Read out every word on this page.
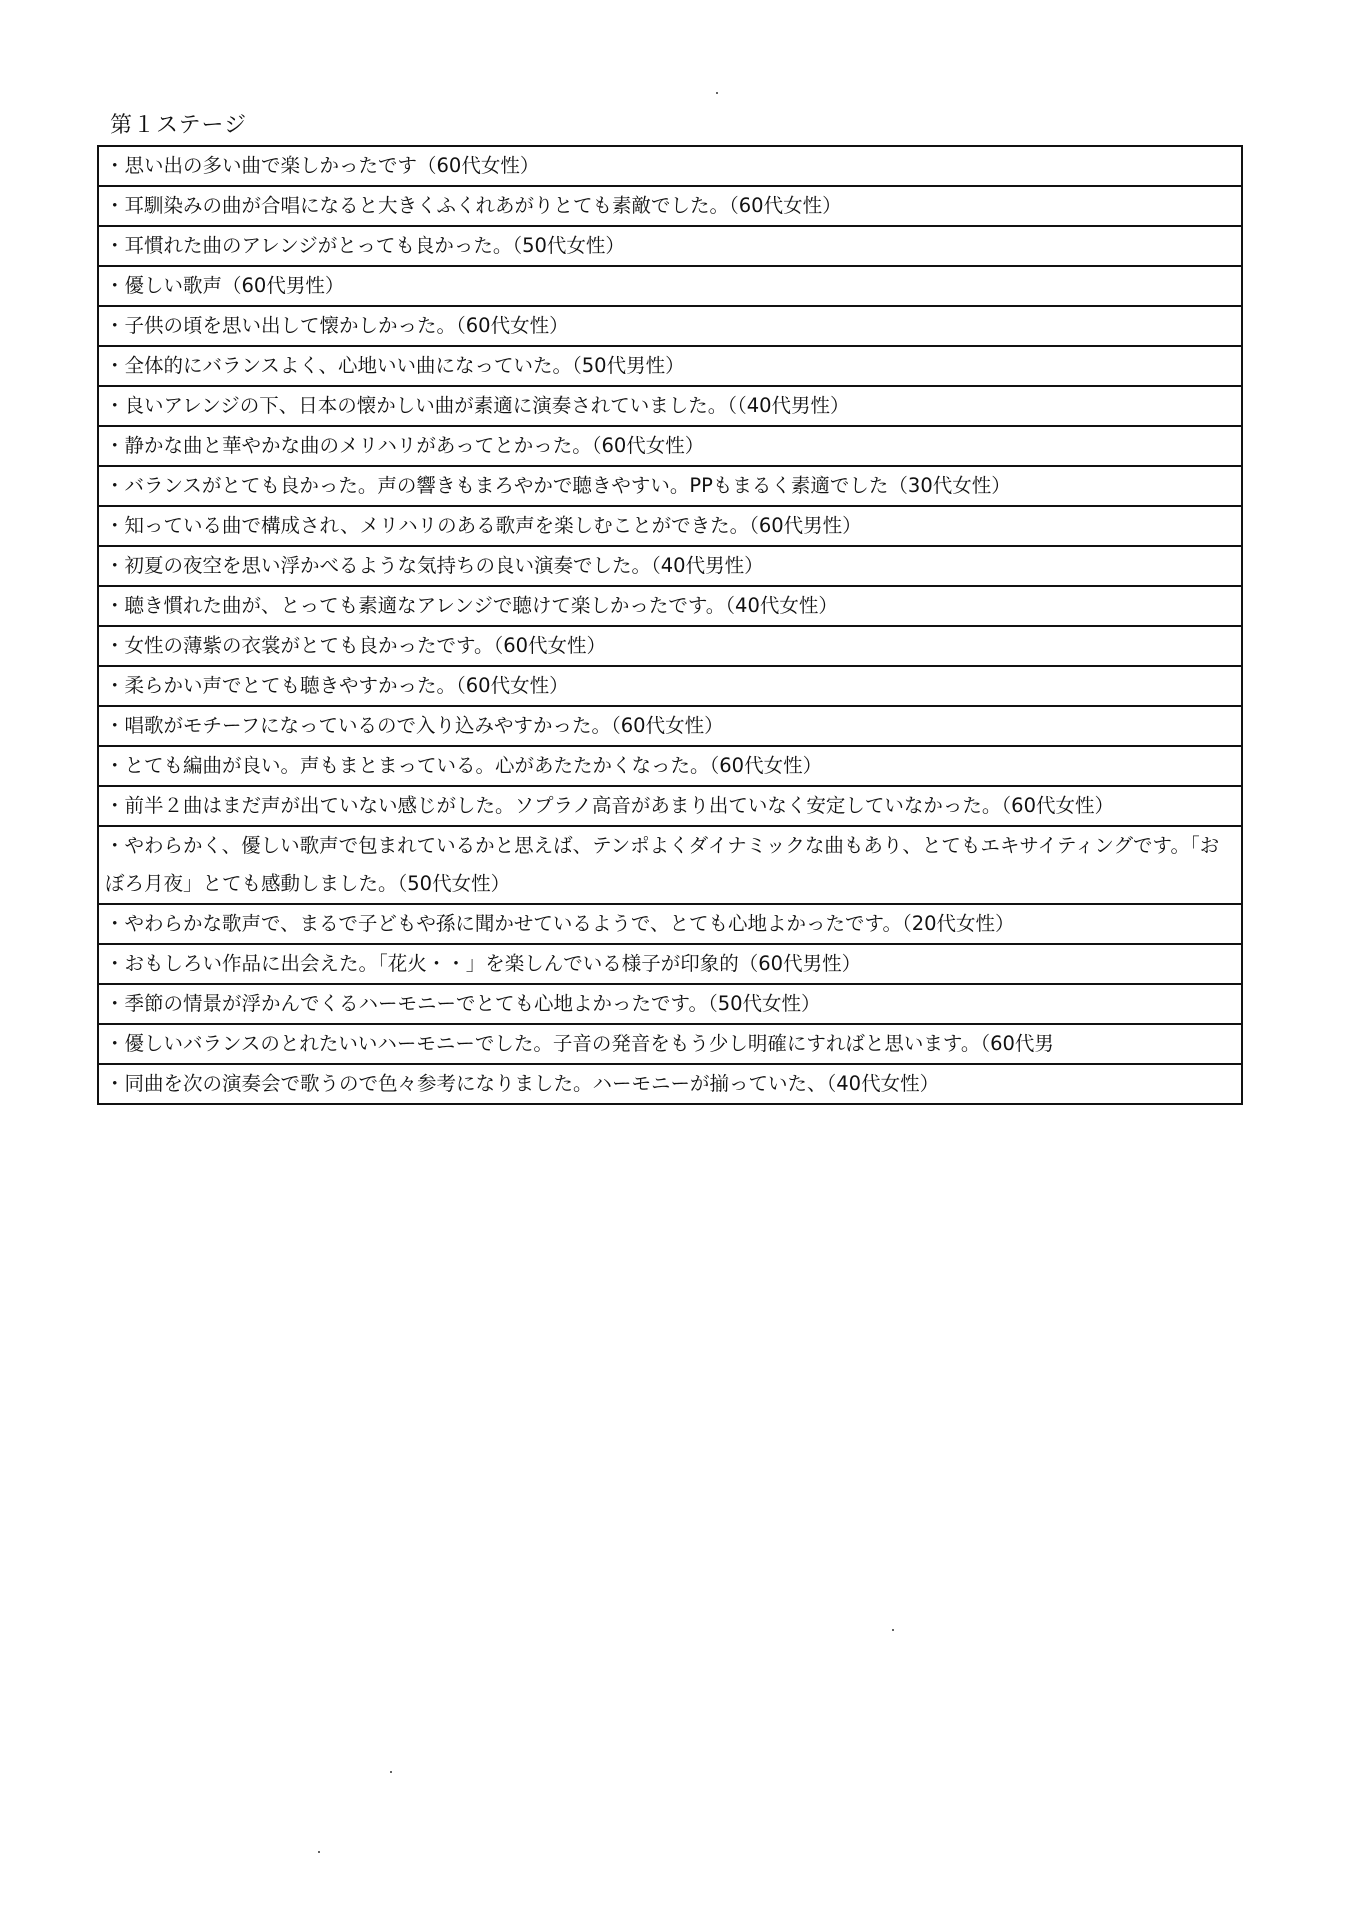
第１ステージ
・思い出の多い曲で楽しかったです（60代女性）
・耳馴染みの曲が合唱になると大きくふくれあがりとても素敵でした。（60代女性）
・耳慣れた曲のアレンジがとっても良かった。（50代女性）
・優しい歌声（60代男性）
・子供の頃を思い出して懐かしかった。（60代女性）
・全体的にバランスよく、心地いい曲になっていた。（50代男性）
・良いアレンジの下、日本の懐かしい曲が素適に演奏されていました。（（40代男性）
・静かな曲と華やかな曲のメリハリがあってとかった。（60代女性）
・バランスがとても良かった。声の響きもまろやかで聴きやすい。PPもまるく素適でした（30代女性）
・知っている曲で構成され、メリハリのある歌声を楽しむことができた。（60代男性）
・初夏の夜空を思い浮かべるような気持ちの良い演奏でした。（40代男性）
・聴き慣れた曲が、とっても素適なアレンジで聴けて楽しかったです。（40代女性）
・女性の薄紫の衣裳がとても良かったです。（60代女性）
・柔らかい声でとても聴きやすかった。（60代女性）
・唱歌がモチーフになっているので入り込みやすかった。（60代女性）
・とても編曲が良い。声もまとまっている。心があたたかくなった。（60代女性）
・前半２曲はまだ声が出ていない感じがした。ソプラノ高音があまり出ていなく安定していなかった。（60代女性）
・やわらかく、優しい歌声で包まれているかと思えば、テンポよくダイナミックな曲もあり、とてもエキサイティングです。「おぼろ月夜」とても感動しました。（50代女性）
・やわらかな歌声で、まるで子どもや孫に聞かせているようで、とても心地よかったです。（20代女性）
・おもしろい作品に出会えた。「花火・・」を楽しんでいる様子が印象的（60代男性）
・季節の情景が浮かんでくるハーモニーでとても心地よかったです。（50代女性）
・優しいバランスのとれたいいハーモニーでした。子音の発音をもう少し明確にすればと思います。（60代男
・同曲を次の演奏会で歌うので色々参考になりました。ハーモニーが揃っていた、（40代女性）
